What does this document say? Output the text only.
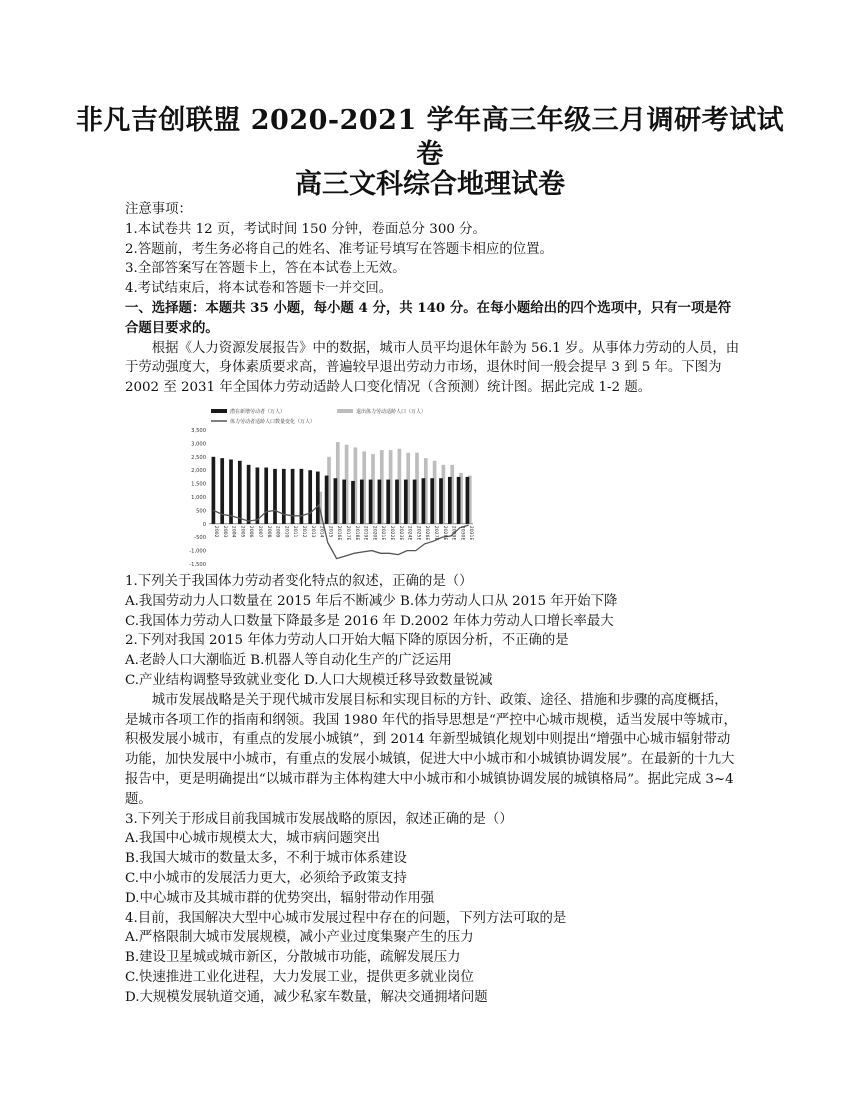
非凡吉创联盟 2020-2021 学年高三年级三月调研考试试
卷
高三文科综合地理试卷

注意事项：

1.本试卷共 12 页，考试时间 150 分钟，卷面总分 300 分。

2.答题前，考生务必将自己的姓名、准考证号填写在答题卡相应的位置。

3.全部答案写在答题卡上，答在本试卷上无效。

4.考试结束后，将本试卷和答题卡一并交回。

一、选择题：本题共 35 小题，每小题 4 分，共 140 分。在每小题给出的四个选项中，只有一项是符合题目要求的。

根据《人力资源发展报告》中的数据，城市人员平均退休年龄为 56.1 岁。从事体力劳动的人员，由于劳动强度大，身体素质要求高，普遍较早退出劳动力市场，退休时间一般会提早 3 到 5 年。下图为 2002 至 2031 年全国体力劳动适龄人口变化情况（含预测）统计图。据此完成 1-2 题。

潜在新增劳动者（万人）	退出体力劳动适龄人口（万人）
体力劳动者适龄人口数量变化（万人）
3,500
3,000
2,500
2,000
1,500
1,000
500
0
-500
-1,000
-1,500
2002 2003 2004 2005 2006 2007 2008 2009 2010 2011 2012 2013 2014 2015 2016E 2017E 2018E 2019E 2020E 2021E 2022E 2023E 2024E 2025E 2026E 2027E 2028E 2029E 2030E 2031E

1.下列关于我国体力劳动者变化特点的叙述，正确的是（）

A.我国劳动力人口数量在 2015 年后不断减少 B.体力劳动人口从 2015 年开始下降

C.我国体力劳动人口数量下降最多是 2016 年 D.2002 年体力劳动人口增长率最大

2.下列对我国 2015 年体力劳动人口开始大幅下降的原因分析，不正确的是

A.老龄人口大潮临近 B.机器人等自动化生产的广泛运用

C.产业结构调整导致就业变化 D.人口大规模迁移导致数量锐减

城市发展战略是关于现代城市发展目标和实现目标的方针、政策、途径、措施和步骤的高度概括，是城市各项工作的指南和纲领。我国 1980 年代的指导思想是“严控中心城市规模，适当发展中等城市，积极发展小城市，有重点的发展小城镇”，到 2014 年新型城镇化规划中则提出“增强中心城市辐射带动功能，加快发展中小城市，有重点的发展小城镇，促进大中小城市和小城镇协调发展”。在最新的十九大报告中，更是明确提出“以城市群为主体构建大中小城市和小城镇协调发展的城镇格局”。据此完成 3~4 题。

3.下列关于形成目前我国城市发展战略的原因，叙述正确的是（）

A.我国中心城市规模太大，城市病问题突出

B.我国大城市的数量太多，不利于城市体系建设

C.中小城市的发展活力更大，必须给予政策支持

D.中心城市及其城市群的优势突出，辐射带动作用强

4.目前，我国解决大型中心城市发展过程中存在的问题，下列方法可取的是

A.严格限制大城市发展规模，减小产业过度集聚产生的压力

B.建设卫星城或城市新区，分散城市功能，疏解发展压力

C.快速推进工业化进程，大力发展工业，提供更多就业岗位

D.大规模发展轨道交通，减少私家车数量，解决交通拥堵问题
